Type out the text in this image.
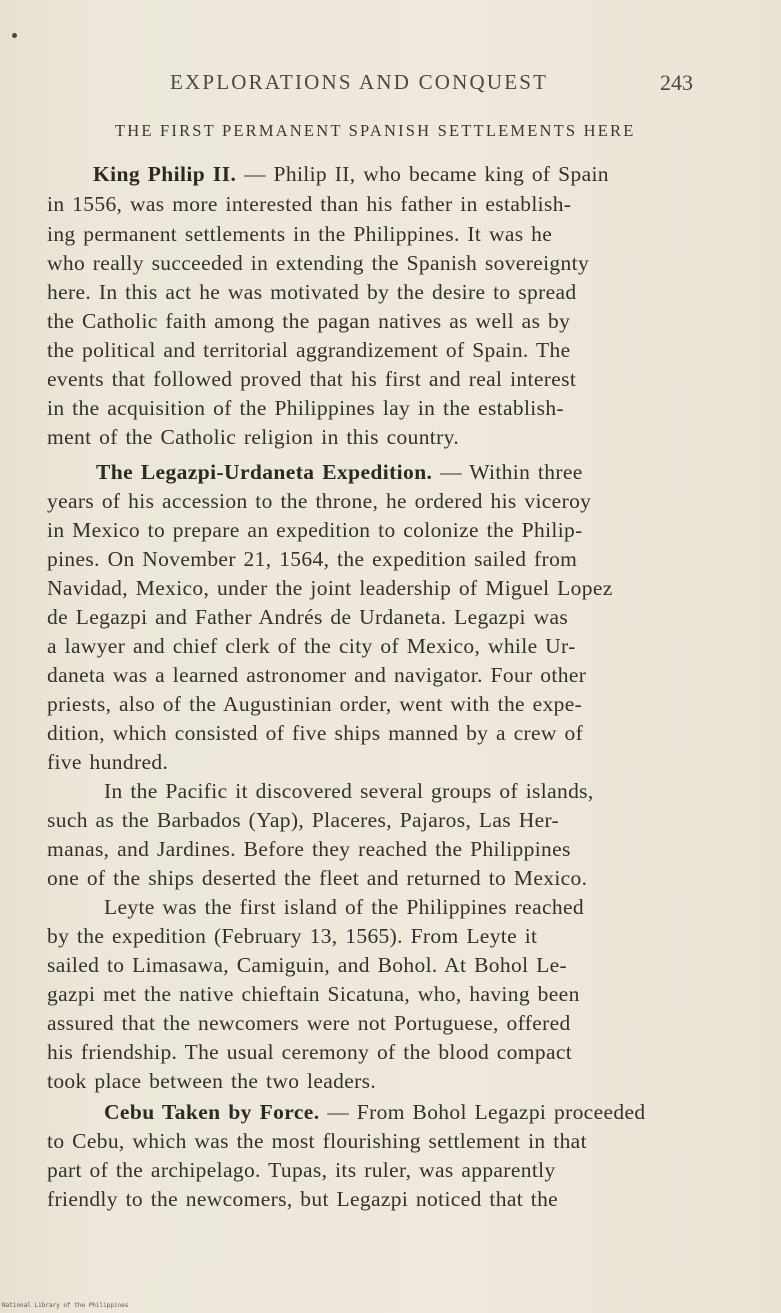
EXPLORATIONS AND CONQUEST	243
THE FIRST PERMANENT SPANISH SETTLEMENTS HERE
King Philip II. — Philip II, who became king of Spain
in 1556, was more interested than his father in establish-
ing permanent settlements in the Philippines. It was he
who really succeeded in extending the Spanish sovereignty
here. In this act he was motivated by the desire to spread
the Catholic faith among the pagan natives as well as by
the political and territorial aggrandizement of Spain. The
events that followed proved that his first and real interest
in the acquisition of the Philippines lay in the establish-
ment of the Catholic religion in this country.
The Legazpi-Urdaneta Expedition. — Within three
years of his accession to the throne, he ordered his viceroy
in Mexico to prepare an expedition to colonize the Philip-
pines. On November 21, 1564, the expedition sailed from
Navidad, Mexico, under the joint leadership of Miguel Lopez
de Legazpi and Father Andrés de Urdaneta. Legazpi was
a lawyer and chief clerk of the city of Mexico, while Ur-
daneta was a learned astronomer and navigator. Four other
priests, also of the Augustinian order, went with the expe-
dition, which consisted of five ships manned by a crew of
five hundred.
In the Pacific it discovered several groups of islands,
such as the Barbados (Yap), Placeres, Pajaros, Las Her-
manas, and Jardines. Before they reached the Philippines
one of the ships deserted the fleet and returned to Mexico.
Leyte was the first island of the Philippines reached
by the expedition (February 13, 1565). From Leyte it
sailed to Limasawa, Camiguin, and Bohol. At Bohol Le-
gazpi met the native chieftain Sicatuna, who, having been
assured that the newcomers were not Portuguese, offered
his friendship. The usual ceremony of the blood compact
took place between the two leaders.
Cebu Taken by Force. — From Bohol Legazpi proceeded
to Cebu, which was the most flourishing settlement in that
part of the archipelago. Tupas, its ruler, was apparently
friendly to the newcomers, but Legazpi noticed that the
National Library of the Philippines
